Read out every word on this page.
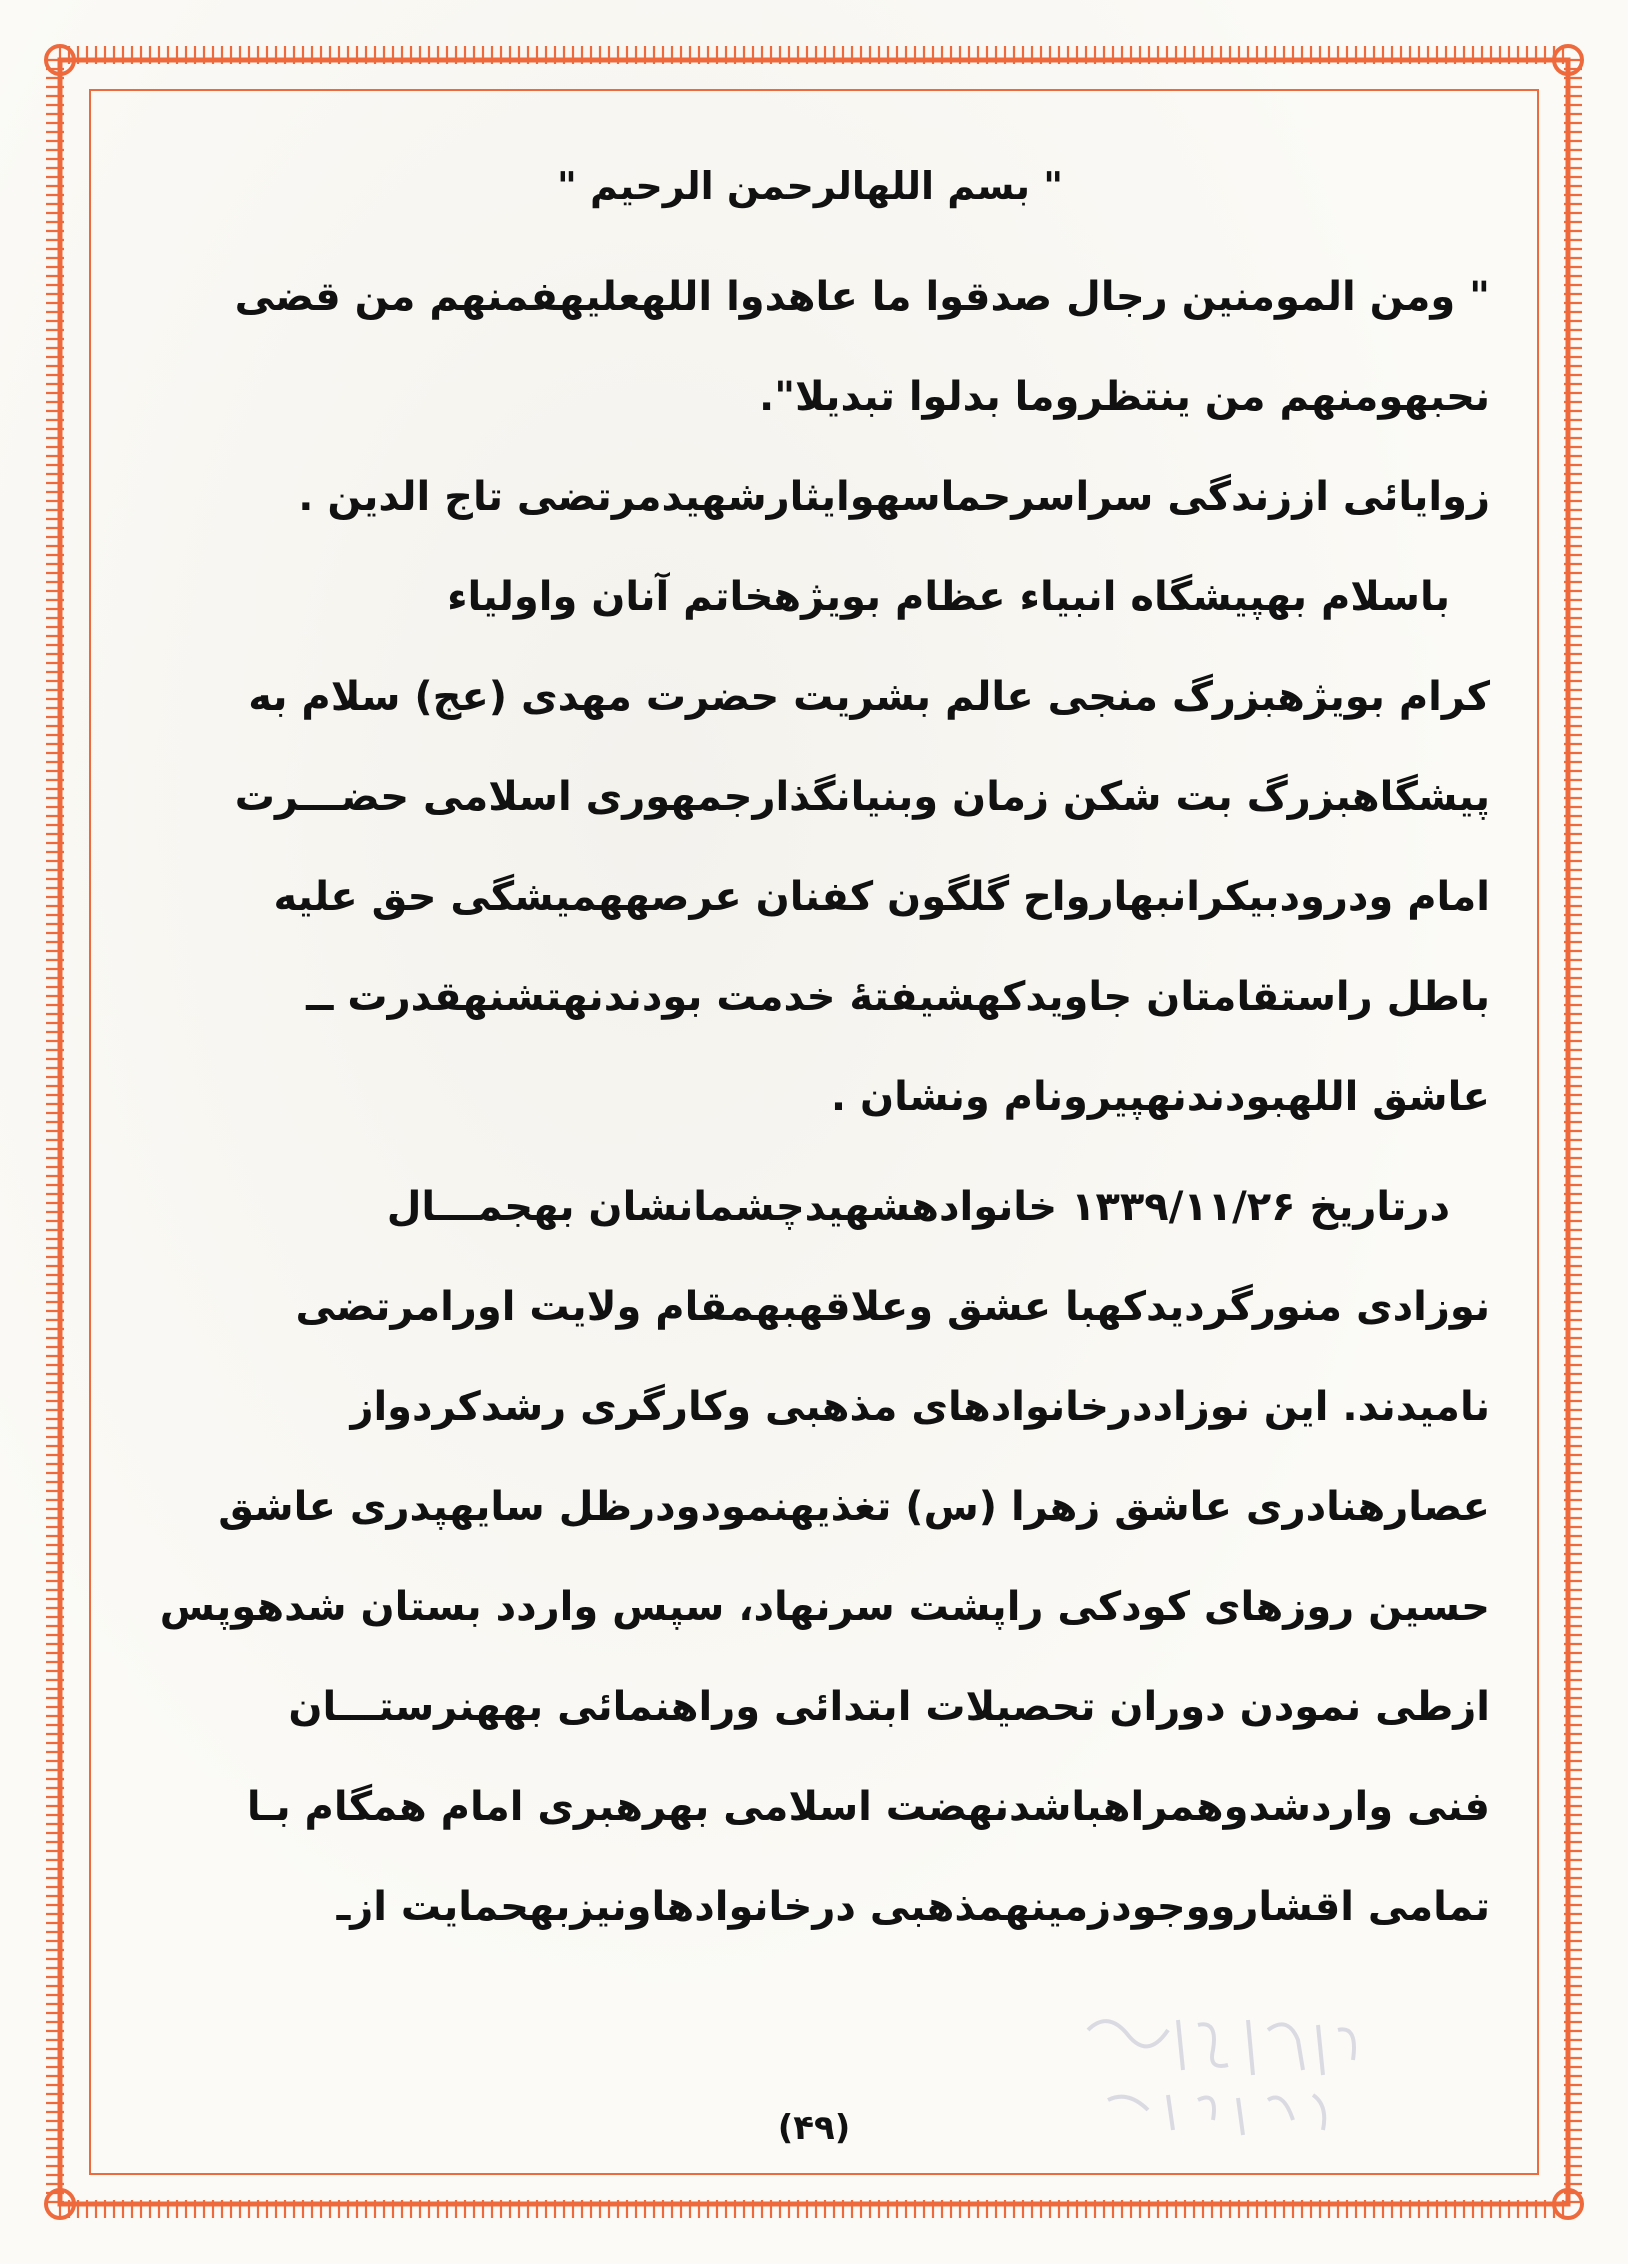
" بسم اللهالرحمن الرحیم "
" ومن المومنین رجال صدقوا ما عاهدوا اللهعلیهفمنهم من قضی
نحبهومنهم من ینتظروما بدلوا تبدیلا".
زوایائی اززندگی سراسرحماسهوایثارشهیدمرتضی تاج الدین .
باسلام بهپیشگاه انبیاء عظام بویژهخاتم آنان واولیاء
کرام بویژهبزرگ منجی عالم بشریت حضرت مهدی (عج) سلام به
پیشگاهبزرگ بت شکن زمان وبنیانگذارجمهوری اسلامی حضـــرت
امام ودرودبیکرانبهارواح گلگون کفنان عرصههمیشگی حق علیه
باطل راستقامتان جاویدکهشیفتهٔ خدمت بودندنهتشنهقدرت ــ
عاشق اللهبودندنهپیرونام ونشان .
درتاریخ ۱۳۳۹/۱۱/۲۶ خانوادهشهیدچشمانشان بهجمـــال
نوزادی منورگردیدکهبا عشق وعلاقهبهمقام ولایت اورامرتضی
نامیدند. این نوزاددرخانوادهای مذهبی وکارگری رشدکردواز
عصارهنادری عاشق زهرا (س) تغذیهنمودودرظل سایهپدری عاشق
حسین روزهای کودکی راپشت سرنهاد، سپس واردد بستان شدهوپس
ازطی نمودن دوران تحصیلات ابتدائی وراهنمائی بههنرستـــان
فنی واردشدوهمراهباشدنهضت اسلامی بهرهبری امام همگام بـا
تمامی اقشارووجودزمینهمذهبی درخانوادهاونیزبهحمایت ازـ
(۴۹)
